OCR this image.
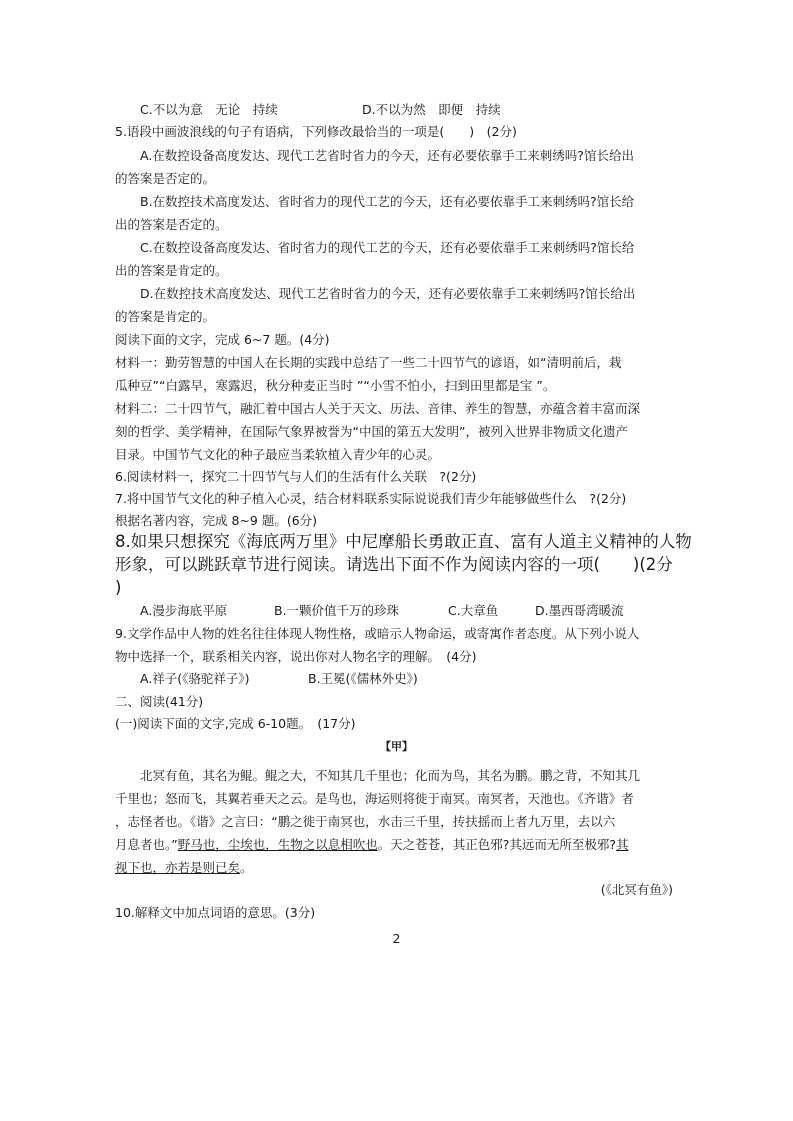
C.不以为意　无论　持续	D.不以为然　即便　持续
5.语段中画波浪线的句子有语病，下列修改最恰当的一项是(　　)　(2分)
A.在数控设备高度发达、现代工艺省时省力的今天，还有必要依靠手工来刺绣吗?馆长给出
的答案是否定的。
B.在数控技术高度发达、省时省力的现代工艺的今天，还有必要依靠手工来刺绣吗?馆长给
出的答案是否定的。
C.在数控设备高度发达、省时省力的现代工艺的今天，还有必要依靠手工来刺绣吗?馆长给
出的答案是肯定的。
D.在数控技术高度发达、现代工艺省时省力的今天，还有必要依靠手工来刺绣吗?馆长给出
的答案是肯定的。
阅读下面的文字，完成 6~7 题。(4分)
材料一：勤劳智慧的中国人在长期的实践中总结了一些二十四节气的谚语，如“清明前后，栽
瓜种豆”“白露早，寒露迟，秋分种麦正当时 ”“小雪不怕小，扫到田里都是宝 ”。
材料二：二十四节气，融汇着中国古人关于天文、历法、音律、养生的智慧，亦蕴含着丰富而深
刻的哲学、美学精神，在国际气象界被誉为“中国的第五大发明”，被列入世界非物质文化遗产
目录。中国节气文化的种子最应当柔软植入青少年的心灵。
6.阅读材料一，探究二十四节气与人们的生活有什么关联　?(2分)
7.将中国节气文化的种子植入心灵，结合材料联系实际说说我们青少年能够做些什么　?(2分)
根据名著内容，完成 8~9 题。(6分)
8.如果只想探究《海底两万里》中尼摩船长勇敢正直、富有人道主义精神的人物
形象，可以跳跃章节进行阅读。请选出下面不作为阅读内容的一项(　　)(2分
)
A.漫步海底平原	B.一颗价值千万的珍珠	C.大章鱼	D.墨西哥湾暖流
9.文学作品中人物的姓名往往体现人物性格，或暗示人物命运，或寄寓作者态度。从下列小说人
物中选择一个，联系相关内容，说出你对人物名字的理解。　(4分)
A.祥子(《骆驼祥子》)	B.王冕(《儒林外史》)
二、阅读(41分)
(一)阅读下面的文字,完成 6-10题。　(17分)
【甲】
北冥有鱼，其名为鲲。鲲之大，不知其几千里也；化而为鸟，其名为鹏。鹏之背，不知其几
千里也；怒而飞，其翼若垂天之云。是鸟也，海运则将徙于南冥。南冥者，天池也。《齐谐》者
，志怪者也。《谐》之言曰：“鹏之徙于南冥也，水击三千里，抟扶摇而上者九万里，去以六
月息者也。”野马也，尘埃也，生物之以息相吹也。天之苍苍，其正色邪?其远而无所至极邪?其
视下也，亦若是则已矣。
(《北冥有鱼》)
10.解释文中加点词语的意思。(3分)
2
